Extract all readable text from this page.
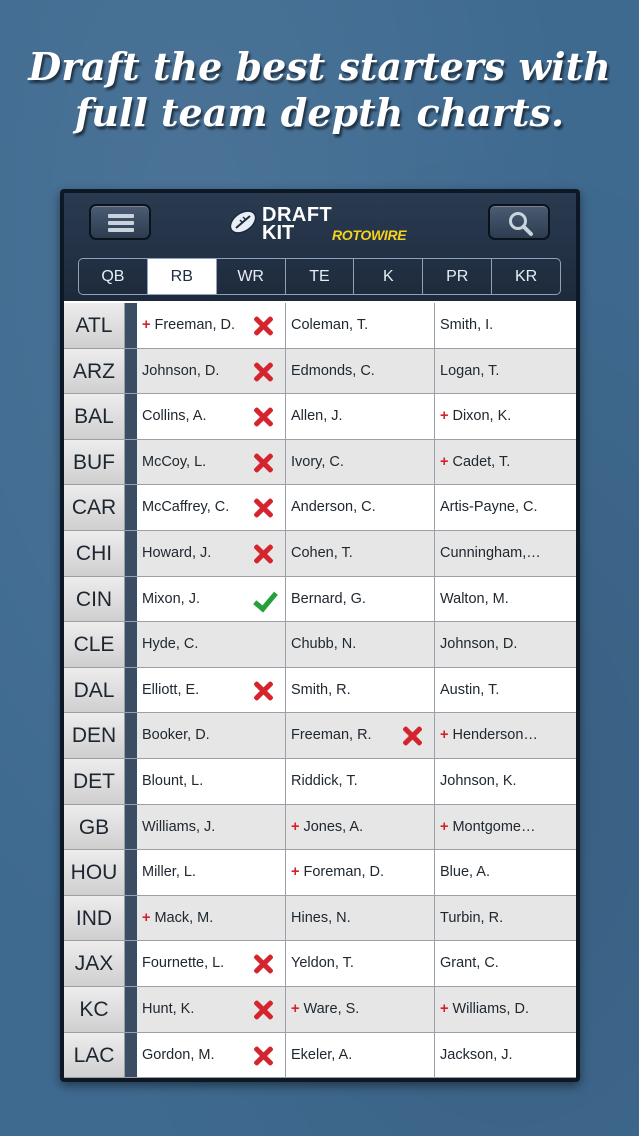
Draft the best starters with
full team depth charts.
DRAFT
KIT	ROTOWIRE
QB	RB	WR	TE	K	PR	KR
ATL	+ Freeman, D.	Coleman, T.	Smith, I.
ARZ	Johnson, D.	Edmonds, C.	Logan, T.
BAL	Collins, A.	Allen, J.	+ Dixon, K.
BUF	McCoy, L.	Ivory, C.	+ Cadet, T.
CAR	McCaffrey, C.	Anderson, C.	Artis-Payne, C.
CHI	Howard, J.	Cohen, T.	Cunningham,…
CIN	Mixon, J.	Bernard, G.	Walton, M.
CLE	Hyde, C.	Chubb, N.	Johnson, D.
DAL	Elliott, E.	Smith, R.	Austin, T.
DEN	Booker, D.	Freeman, R.	+ Henderson…
DET	Blount, L.	Riddick, T.	Johnson, K.
GB	Williams, J.	+ Jones, A.	+ Montgome…
HOU	Miller, L.	+ Foreman, D.	Blue, A.
IND	+ Mack, M.	Hines, N.	Turbin, R.
JAX	Fournette, L.	Yeldon, T.	Grant, C.
KC	Hunt, K.	+ Ware, S.	+ Williams, D.
LAC	Gordon, M.	Ekeler, A.	Jackson, J.
